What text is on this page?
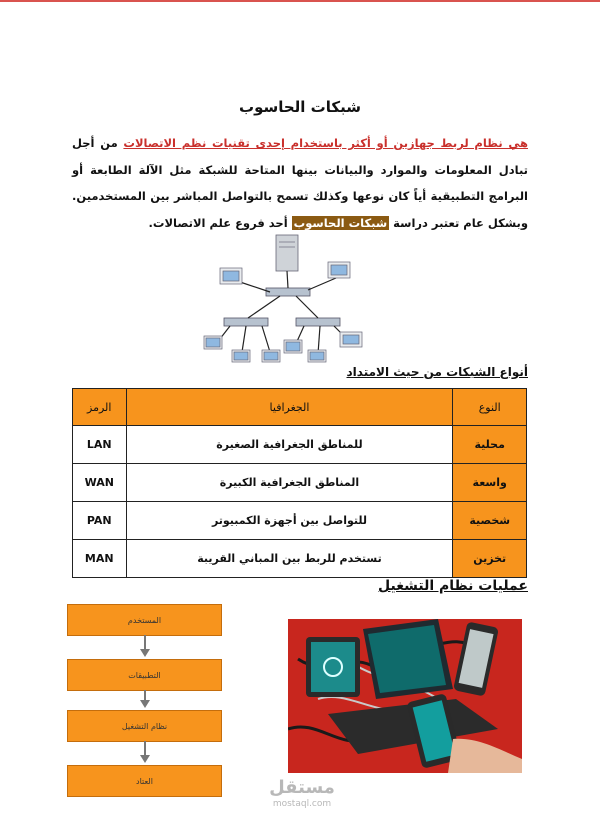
شبكات الحاسوب
هي نظام لربط جهازين أو أكثر باستخدام إحدى تقنيات نظم الاتصالات من أجل تبادل المعلومات والموارد والبيانات بينها المتاحة للشبكة مثل الآلة الطابعة أو البرامج التطبيقية أياً كان نوعها وكذلك تسمح بالتواصل المباشر بين المستخدمين. وبشكل عام تعتبر دراسة شبكات الحاسوب أحد فروع علم الاتصالات.
أنواع الشبكات من حيث الامتداد
النوع	الجغرافيا	الرمز
محلية	للمناطق الجغرافية الصغيرة	LAN
واسعة	المناطق الجغرافية الكبيرة	WAN
شخصية	للتواصل بين أجهزة الكمبيوتر	PAN
تخزين	تستخدم للربط بين المباني القريبة	MAN
عمليات نظام التشغيل
المستخدم
التطبيقات
نظام التشغيل
العتاد	مستقل
mostaql.com
